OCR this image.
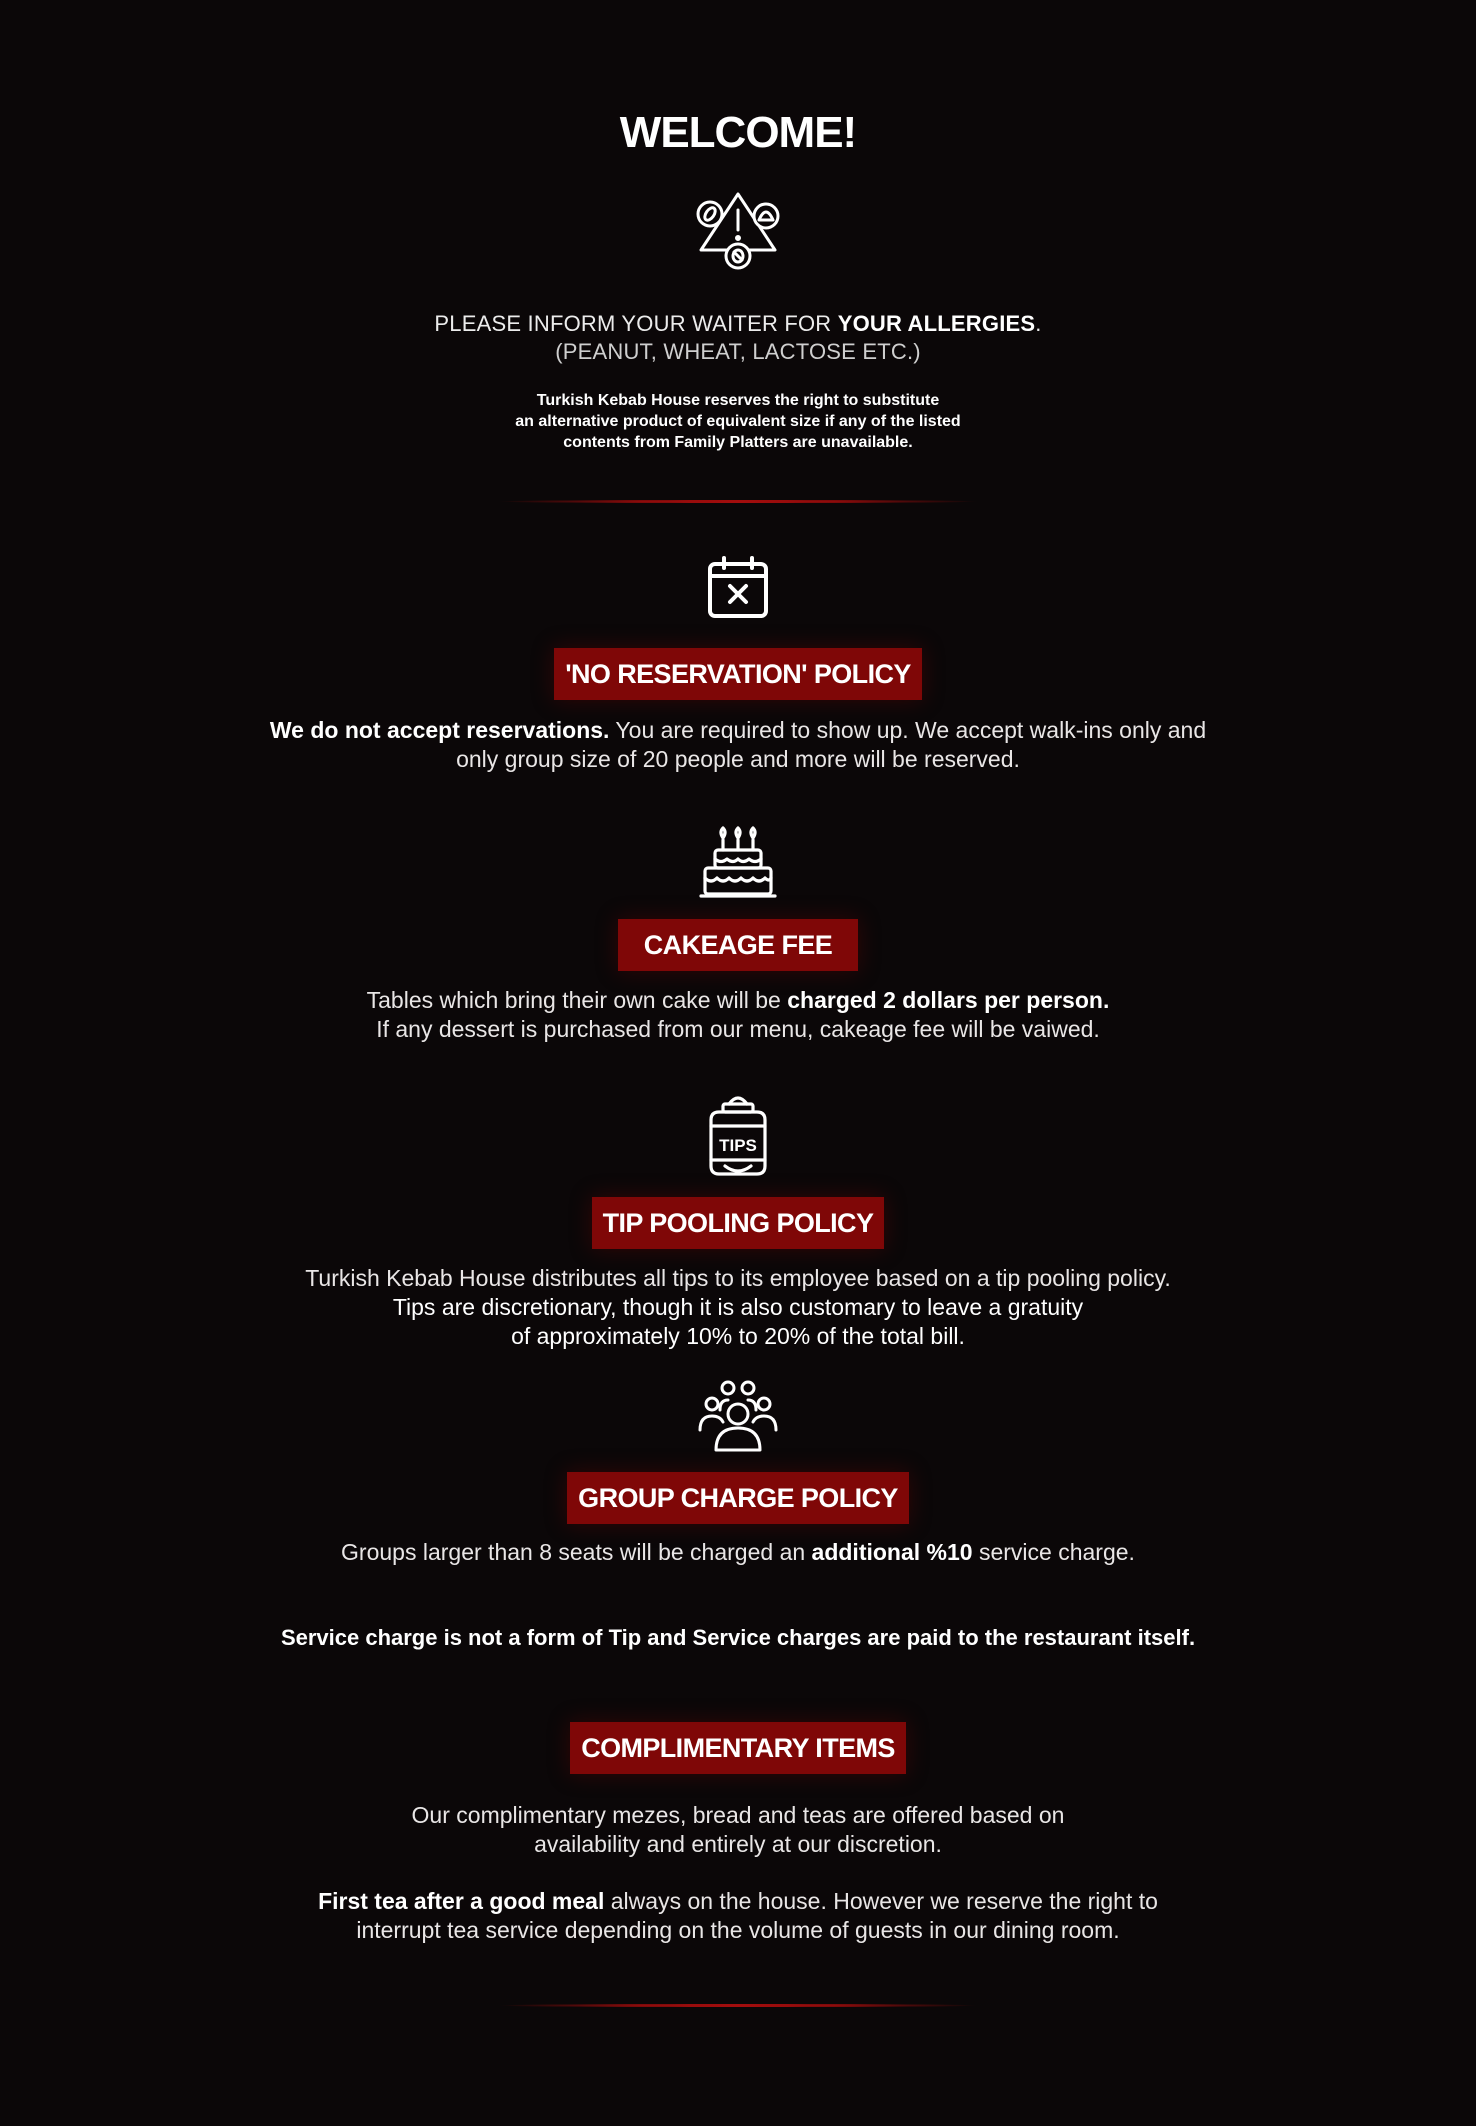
WELCOME!
PLEASE INFORM YOUR WAITER FOR YOUR ALLERGIES.
(PEANUT, WHEAT, LACTOSE ETC.)
Turkish Kebab House reserves the right to substitute
an alternative product of equivalent size if any of the listed
contents from Family Platters are unavailable.
'NO RESERVATION' POLICY
We do not accept reservations. You are required to show up. We accept walk-ins only and
only group size of 20 people and more will be reserved.
CAKEAGE FEE
Tables which bring their own cake will be charged 2 dollars per person.
If any dessert is purchased from our menu, cakeage fee will be vaiwed.
TIPS
TIP POOLING POLICY
Turkish Kebab House distributes all tips to its employee based on a tip pooling policy.
Tips are discretionary, though it is also customary to leave a gratuity
of approximately 10% to 20% of the total bill.
GROUP CHARGE POLICY
Groups larger than 8 seats will be charged an additional %10 service charge.
Service charge is not a form of Tip and Service charges are paid to the restaurant itself.
COMPLIMENTARY ITEMS
Our complimentary mezes, bread and teas are offered based on
availability and entirely at our discretion.
First tea after a good meal always on the house. However we reserve the right to
interrupt tea service depending on the volume of guests in our dining room.
